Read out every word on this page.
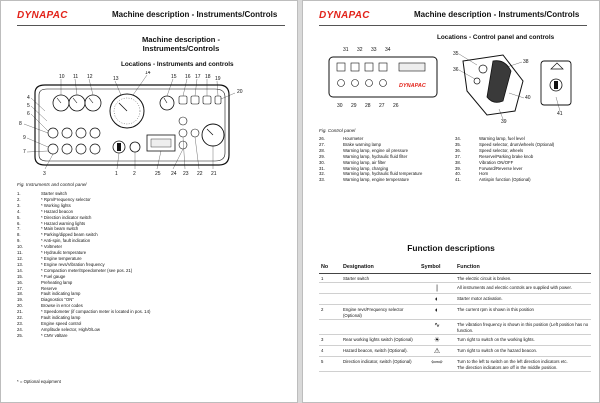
DYNAPAC	Machine description - Instruments/Controls
Machine description -
Instruments/Controls
Locations - Instruments and controls
10 11 12	13
14
15 16 17 18 19
4
5
6
8
9
7
20
1	2	25 24 23 22 21
3
Fig. Instruments and control panel
1.	Starter switch
2.	* Rpm/Frequency selector
3.	* Working lights
4.	* Hazard beacon
5.	* Direction indicator switch
6.	* Hazard warning lights
7.	* Main beam switch
8.	* Parking/dipped beam switch
9.	* Anti-spin, fault indication
10.	* Voltmeter
11.	* Hydraulic temperature
12.	* Engine temperature
13.	* Engine revs/Vibration frequency
14.	* Compaction meter/Speedometer (see pos. 21)
15.	* Fuel gauge
16.	Preheating lamp
17.	Reserve
18.	Fault indicating lamp
19.	Diagnostics "ON"
20.	Browse in error codes
21.	* Speedometer (if compaction meter is located in pos. 14)
22.	Fault indicating lamp
23.	Engine speed control
24.	Amplitude selector, High/0/Low
25.	* CMV vältare
* = Optional equipment
DYNAPAC	Machine description - Instruments/Controls
Locations - Control panel and controls
31 32 33 34
DYNAPAC
30 29 28 27 26
35
36
38
40
41
39
Fig. Control panel
26.	Hourmeter
27.	Brake warning lamp
28.	Warning lamp, engine oil pressure
29.	Warning lamp, hydraulic fluid filter
30.	Warning lamp, air filter
31.	Warning lamp, charging
32.	Warning lamp, hydraulic fluid temperature
33.	Warning lamp, engine temperature
34.	Warning lamp, fuel level
35.	Speed selector, drum/wheels (Optional)
36.	Speed selector, wheels
37.	Reserve/Parking brake knob
38.	Vibration ON/OFF
39.	Forward/Reverse lever
40.	Horn
41.	Antispin function (Optional)
Function descriptions
No	Designation	Symbol	Function
1	Starter switch		The electric circuit is broken.
		|	All instruments and electric controls are supplied with power.
		◐	Starter motor activation.
2	Engine revs/Frequency selector (Optional)	◐	The current rpm is shown in this position
		∿	The vibration frequency is shown in this position (Left position has no function.
3	Rear working lights switch (Optional)	☀	Turn right to switch on the working lights.
4	Hazard beacon, switch (Optional).	⚠	Turn right to switch on the hazard beacon.
5	Direction indicator, switch (Optional)	⇦⇨	Turn to the left to switch on the left direction indicators etc.
The direction indicators are off in the middle position.
